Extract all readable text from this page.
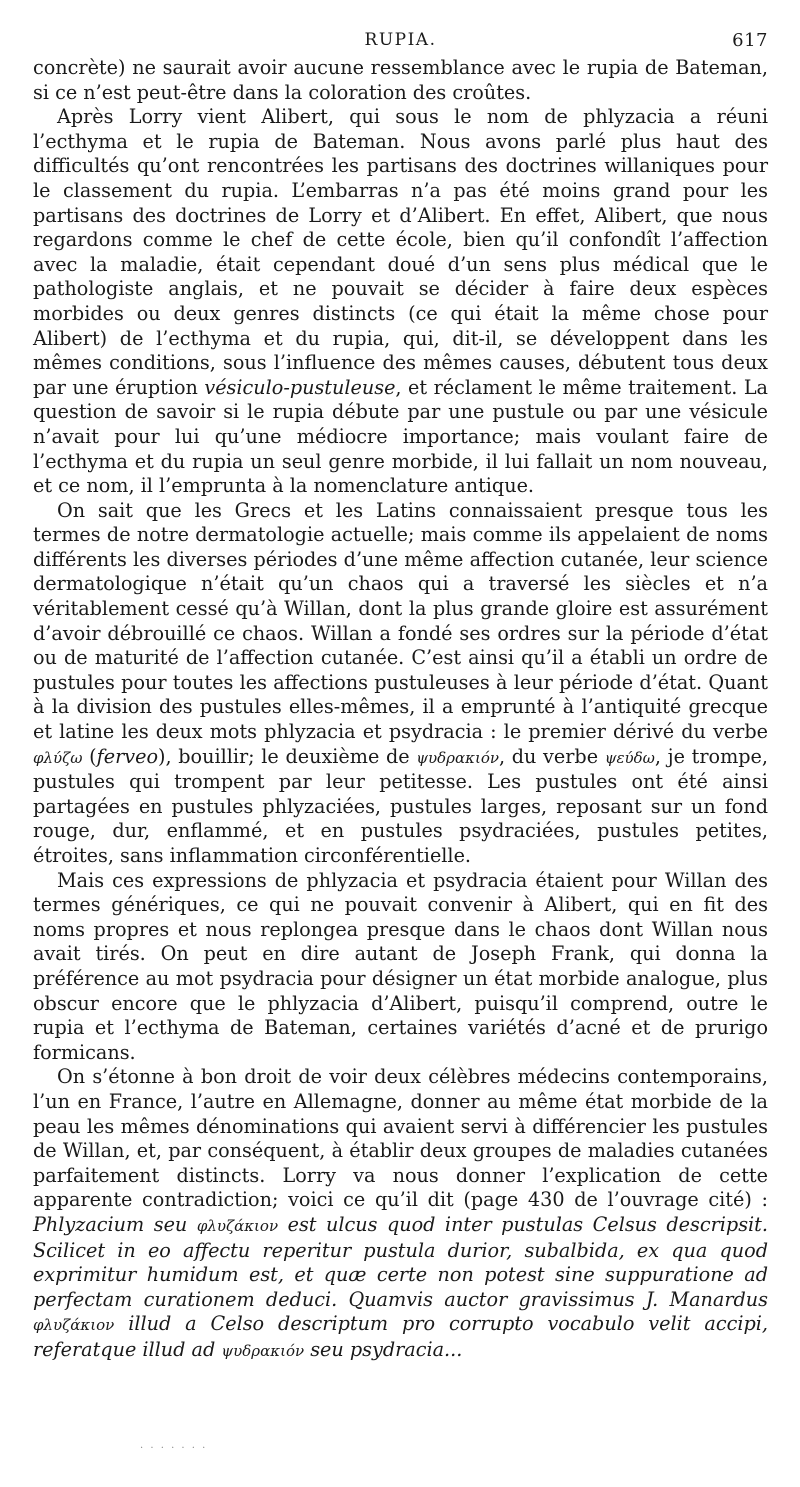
RUPIA.	617

concrète) ne saurait avoir aucune ressemblance avec le rupia de Bateman, si ce n’est peut-être dans la coloration des croûtes.

Après Lorry vient Alibert, qui sous le nom de phlyzacia a réuni l’ecthyma et le rupia de Bateman. Nous avons parlé plus haut des difficultés qu’ont rencontrées les partisans des doctrines willaniques pour le classement du rupia. L’embarras n’a pas été moins grand pour les partisans des doctrines de Lorry et d’Alibert. En effet, Alibert, que nous regardons comme le chef de cette école, bien qu’il confondît l’affection avec la maladie, était cependant doué d’un sens plus médical que le pathologiste anglais, et ne pouvait se décider à faire deux espèces morbides ou deux genres distincts (ce qui était la même chose pour Alibert) de l’ecthyma et du rupia, qui, dit-il, se développent dans les mêmes conditions, sous l’influence des mêmes causes, débutent tous deux par une éruption vésiculo-pustuleuse, et réclament le même traitement. La question de savoir si le rupia débute par une pustule ou par une vésicule n’avait pour lui qu’une médiocre importance; mais voulant faire de l’ecthyma et du rupia un seul genre morbide, il lui fallait un nom nouveau, et ce nom, il l’emprunta à la nomenclature antique.

On sait que les Grecs et les Latins connaissaient presque tous les termes de notre dermatologie actuelle; mais comme ils appelaient de noms différents les diverses périodes d’une même affection cutanée, leur science dermatologique n’était qu’un chaos qui a traversé les siècles et n’a véritablement cessé qu’à Willan, dont la plus grande gloire est assurément d’avoir débrouillé ce chaos. Willan a fondé ses ordres sur la période d’état ou de maturité de l’affection cutanée. C’est ainsi qu’il a établi un ordre de pustules pour toutes les affections pustuleuses à leur période d’état. Quant à la division des pustules elles-mêmes, il a emprunté à l’antiquité grecque et latine les deux mots phlyzacia et psydracia : le premier dérivé du verbe φλύζω (ferveo), bouillir; le deuxième de ψυδρακιόν, du verbe ψεύδω, je trompe, pustules qui trompent par leur petitesse. Les pustules ont été ainsi partagées en pustules phlyzaciées, pustules larges, reposant sur un fond rouge, dur, enflammé, et en pustules psydraciées, pustules petites, étroites, sans inflammation circonférentielle.

Mais ces expressions de phlyzacia et psydracia étaient pour Willan des termes génériques, ce qui ne pouvait convenir à Alibert, qui en fit des noms propres et nous replongea presque dans le chaos dont Willan nous avait tirés. On peut en dire autant de Joseph Frank, qui donna la préférence au mot psydracia pour désigner un état morbide analogue, plus obscur encore que le phlyzacia d’Alibert, puisqu’il comprend, outre le rupia et l’ecthyma de Bateman, certaines variétés d’acné et de prurigo formicans.

On s’étonne à bon droit de voir deux célèbres médecins contemporains, l’un en France, l’autre en Allemagne, donner au même état morbide de la peau les mêmes dénominations qui avaient servi à différencier les pustules de Willan, et, par conséquent, à établir deux groupes de maladies cutanées parfaitement distincts. Lorry va nous donner l’explication de cette apparente contradiction; voici ce qu’il dit (page 430 de l’ouvrage cité) : Phlyzacium seu φλυζάκιον est ulcus quod inter pustulas Celsus descripsit. Scilicet in eo affectu reperitur pustula durior, subalbida, ex qua quod exprimitur humidum est, et quæ certe non potest sine suppuratione ad perfectam curationem deduci. Quamvis auctor gravissimus J. Manardus φλυζάκιον illud a Celso descriptum pro corrupto vocabulo velit accipi, referatque illud ad ψυδρακιόν seu psydracia...

. . . . . . .
